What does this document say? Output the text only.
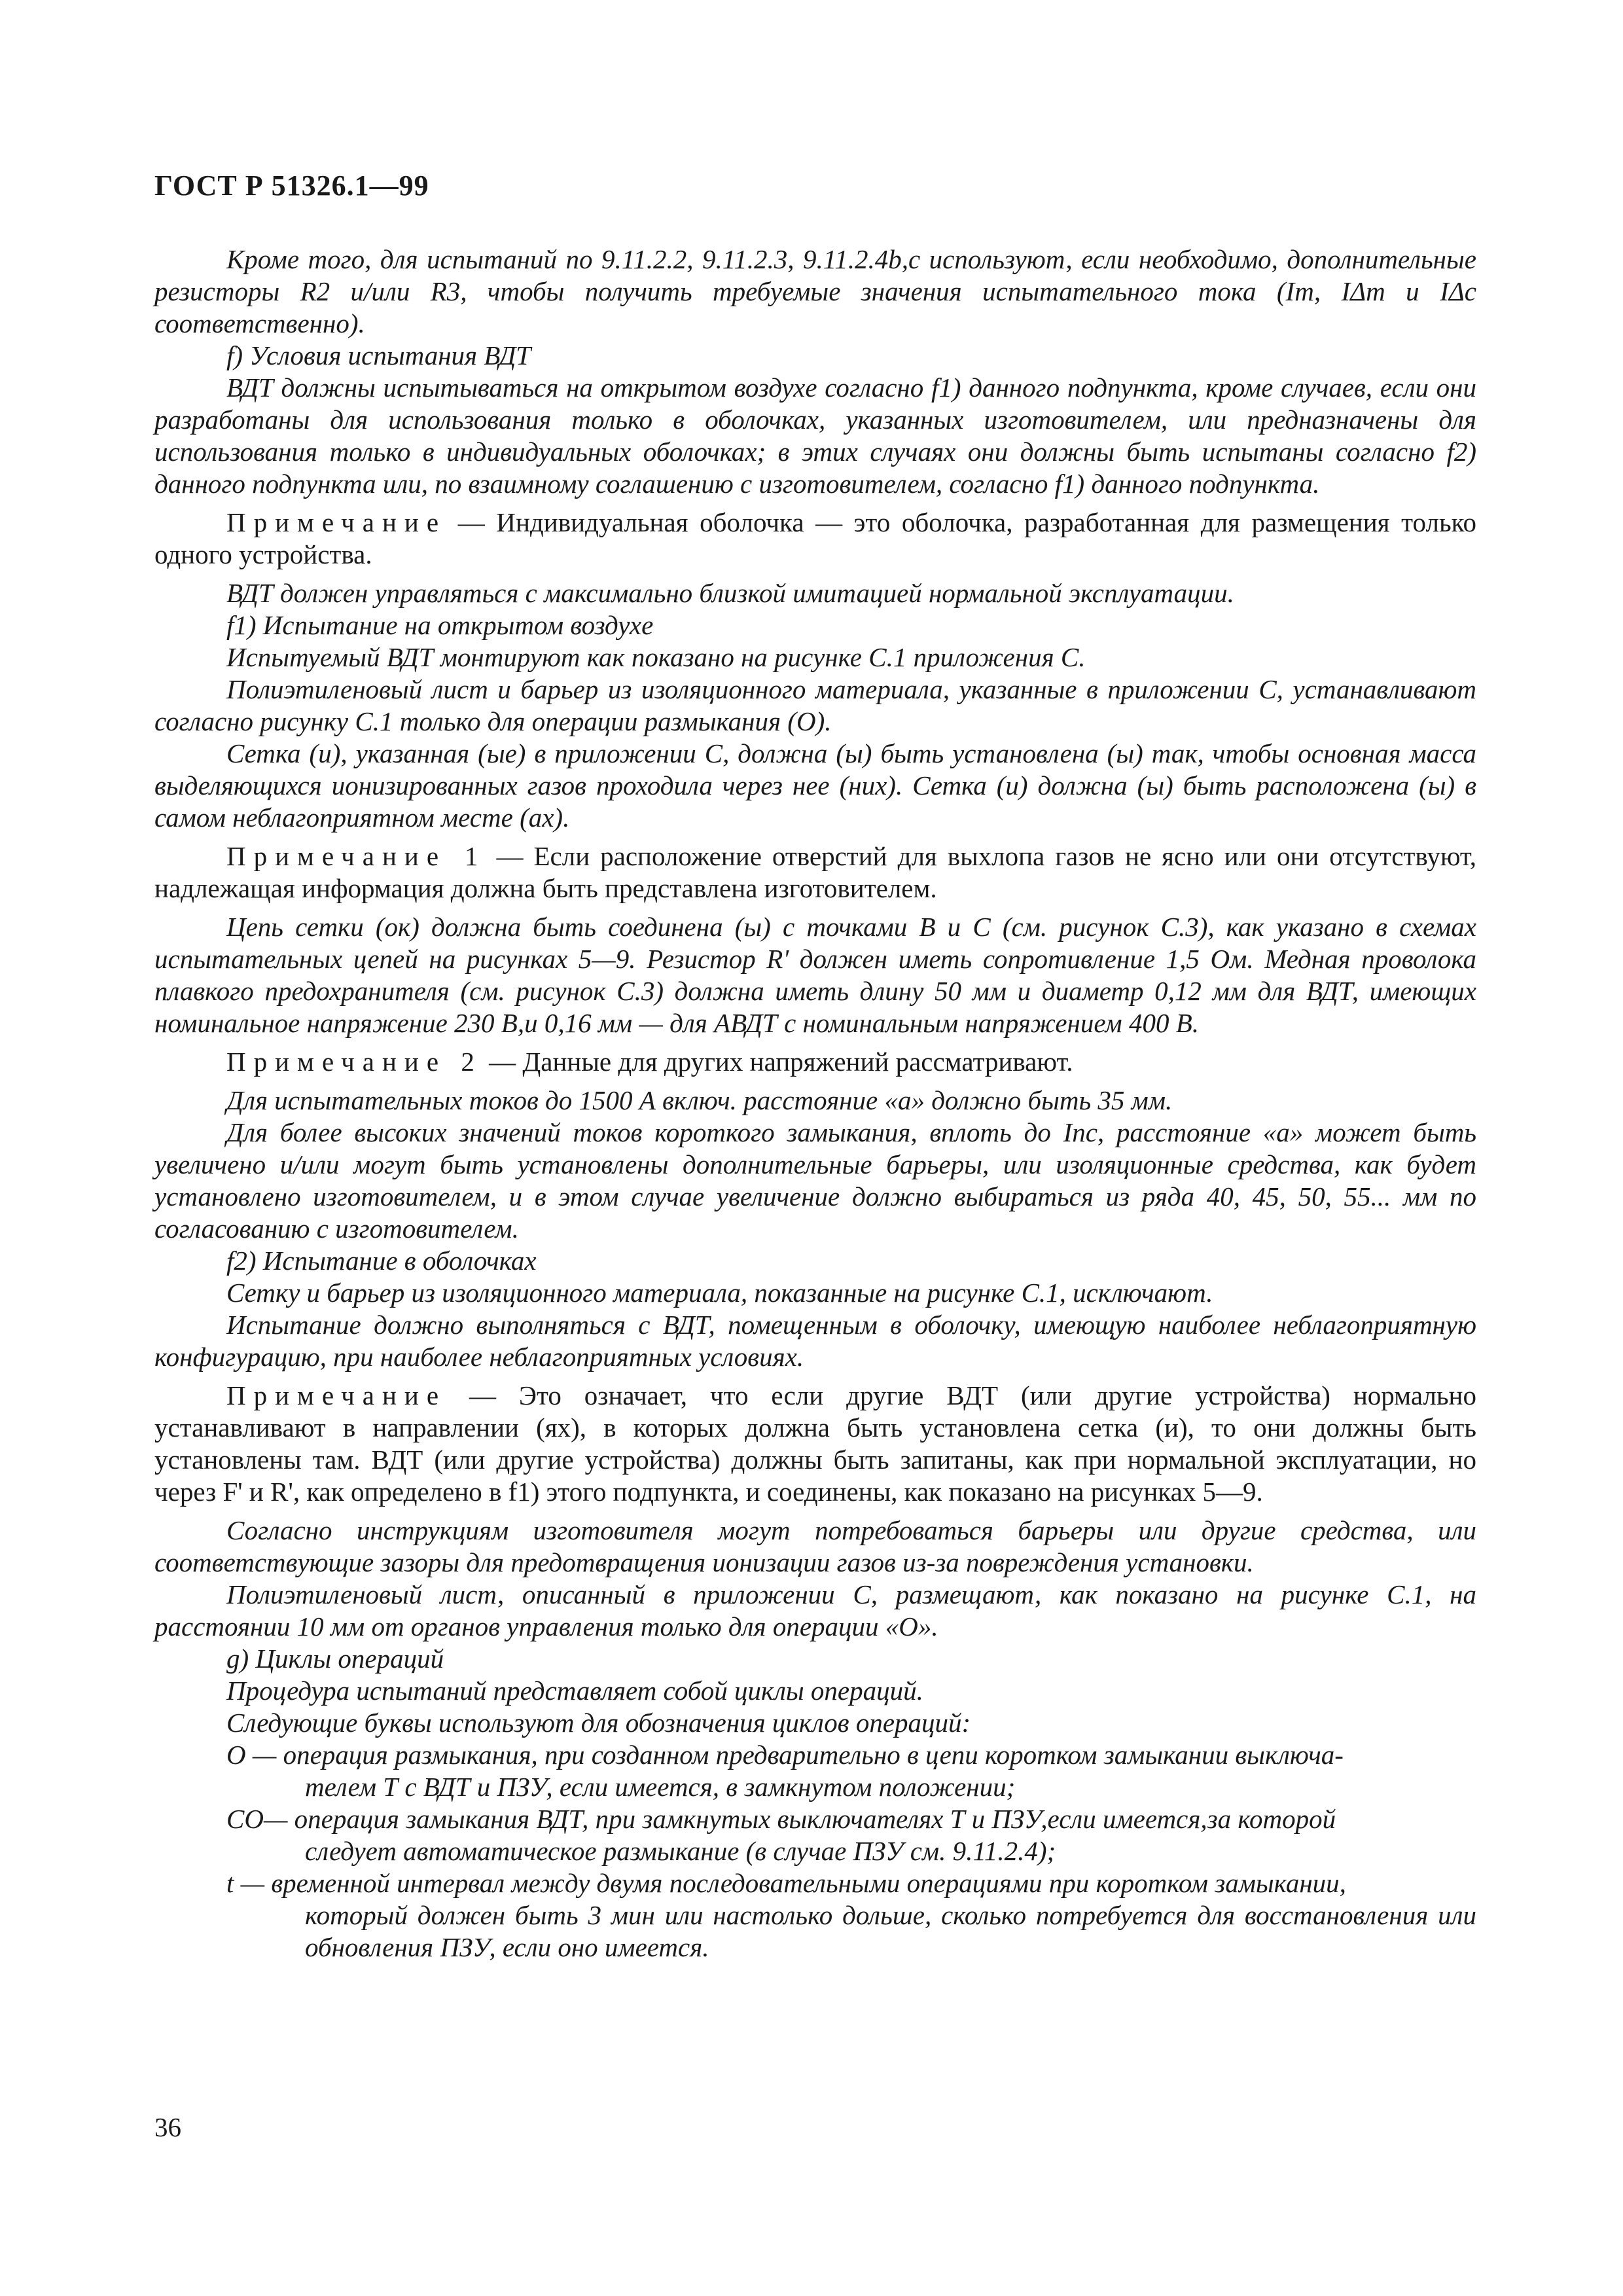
ГОСТ Р 51326.1—99

Кроме того, для испытаний по 9.11.2.2, 9.11.2.3, 9.11.2.4b,c используют, если необходимо, дополнительные резисторы R2 и/или R3, чтобы получить требуемые значения испытательного тока (Im, IΔm и IΔc соответственно).

f) Условия испытания ВДТ

ВДТ должны испытываться на открытом воздухе согласно f1) данного подпункта, кроме случаев, если они разработаны для использования только в оболочках, указанных изготовителем, или предназначены для использования только в индивидуальных оболочках; в этих случаях они должны быть испытаны согласно f2) данного подпункта или, по взаимному соглашению с изготовителем, согласно f1) данного подпункта.

Примечание — Индивидуальная оболочка — это оболочка, разработанная для размещения только одного устройства.

ВДТ должен управляться с максимально близкой имитацией нормальной эксплуатации.

f1) Испытание на открытом воздухе

Испытуемый ВДТ монтируют как показано на рисунке С.1 приложения С.

Полиэтиленовый лист и барьер из изоляционного материала, указанные в приложении С, устанавливают согласно рисунку С.1 только для операции размыкания (О).

Сетка (и), указанная (ые) в приложении С, должна (ы) быть установлена (ы) так, чтобы основная масса выделяющихся ионизированных газов проходила через нее (них). Сетка (и) должна (ы) быть расположена (ы) в самом неблагоприятном месте (ах).

Примечание 1 — Если расположение отверстий для выхлопа газов не ясно или они отсутствуют, надлежащая информация должна быть представлена изготовителем.

Цепь сетки (ок) должна быть соединена (ы) с точками В и С (см. рисунок С.3), как указано в схемах испытательных цепей на рисунках 5—9. Резистор R' должен иметь сопротивление 1,5 Ом. Медная проволока плавкого предохранителя (см. рисунок С.3) должна иметь длину 50 мм и диаметр 0,12 мм для ВДТ, имеющих номинальное напряжение 230 В,и 0,16 мм — для АВДТ с номинальным напряжением 400 В.

Примечание 2 — Данные для других напряжений рассматривают.

Для испытательных токов до 1500 А включ. расстояние «а» должно быть 35 мм.

Для более высоких значений токов короткого замыкания, вплоть до Inc, расстояние «а» может быть увеличено и/или могут быть установлены дополнительные барьеры, или изоляционные средства, как будет установлено изготовителем, и в этом случае увеличение должно выбираться из ряда 40, 45, 50, 55... мм по согласованию с изготовителем.

f2) Испытание в оболочках

Сетку и барьер из изоляционного материала, показанные на рисунке С.1, исключают.

Испытание должно выполняться с ВДТ, помещенным в оболочку, имеющую наиболее неблагоприятную конфигурацию, при наиболее неблагоприятных условиях.

Примечание — Это означает, что если другие ВДТ (или другие устройства) нормально устанавливают в направлении (ях), в которых должна быть установлена сетка (и), то они должны быть установлены там. ВДТ (или другие устройства) должны быть запитаны, как при нормальной эксплуатации, но через F' и R', как определено в f1) этого подпункта, и соединены, как показано на рисунках 5—9.

Согласно инструкциям изготовителя могут потребоваться барьеры или другие средства, или соответствующие зазоры для предотвращения ионизации газов из-за повреждения установки.

Полиэтиленовый лист, описанный в приложении С, размещают, как показано на рисунке С.1, на расстоянии 10 мм от органов управления только для операции «О».

g) Циклы операций

Процедура испытаний представляет собой циклы операций.

Следующие буквы используют для обозначения циклов операций:

О — операция размыкания, при созданном предварительно в цепи коротком замыкании выключа-
телем Т с ВДТ и ПЗУ, если имеется, в замкнутом положении;
СО— операция замыкания ВДТ, при замкнутых выключателях Т и ПЗУ,если имеется,за которой
следует автоматическое размыкание (в случае ПЗУ см. 9.11.2.4);
t — временной интервал между двумя последовательными операциями при коротком замыкании,
который должен быть 3 мин или настолько дольше, сколько потребуется для восстановления или обновления ПЗУ, если оно имеется.
36
